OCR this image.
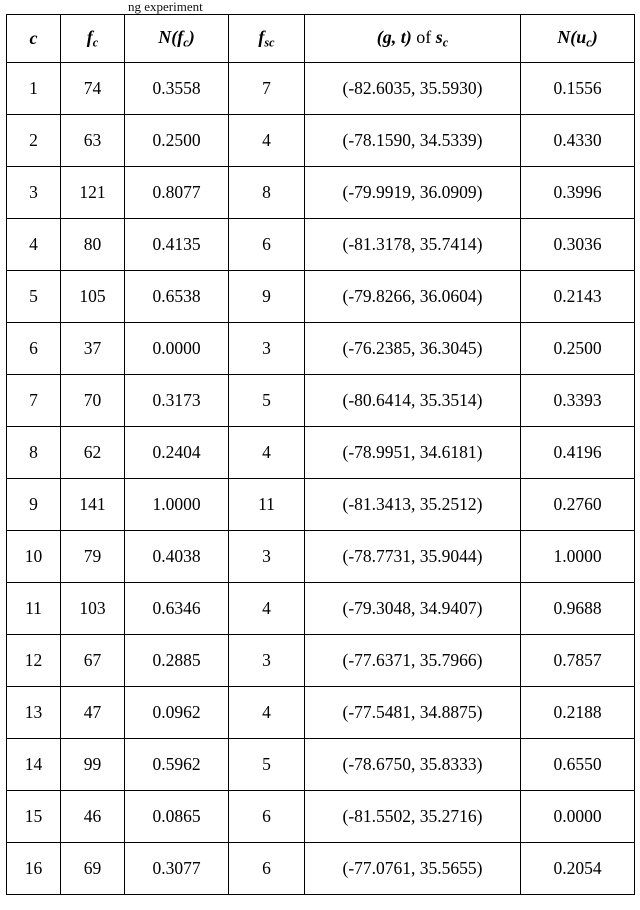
ng experiment
c	$f_c$	$N(f_c)$	$f_{sc}$	(g, t) of $s_c$	$N(u_c)$
1	74	0.3558	7	(-82.6035, 35.5930)	0.1556
2	63	0.2500	4	(-78.1590, 34.5339)	0.4330
3	121	0.8077	8	(-79.9919, 36.0909)	0.3996
4	80	0.4135	6	(-81.3178, 35.7414)	0.3036
5	105	0.6538	9	(-79.8266, 36.0604)	0.2143
6	37	0.0000	3	(-76.2385, 36.3045)	0.2500
7	70	0.3173	5	(-80.6414, 35.3514)	0.3393
8	62	0.2404	4	(-78.9951, 34.6181)	0.4196
9	141	1.0000	11	(-81.3413, 35.2512)	0.2760
10	79	0.4038	3	(-78.7731, 35.9044)	1.0000
11	103	0.6346	4	(-79.3048, 34.9407)	0.9688
12	67	0.2885	3	(-77.6371, 35.7966)	0.7857
13	47	0.0962	4	(-77.5481, 34.8875)	0.2188
14	99	0.5962	5	(-78.6750, 35.8333)	0.6550
15	46	0.0865	6	(-81.5502, 35.2716)	0.0000
16	69	0.3077	6	(-77.0761, 35.5655)	0.2054
